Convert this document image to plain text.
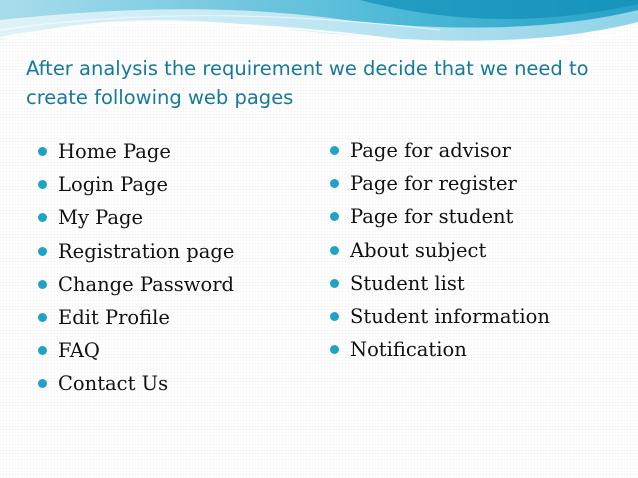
After analysis the requirement we decide that we need to create following web pages
Home Page
Login Page
My Page
Registration page
Change Password
Edit Profile
FAQ
Contact Us
Page for advisor
Page for register
Page for student
About subject
Student list
Student information
Notification
